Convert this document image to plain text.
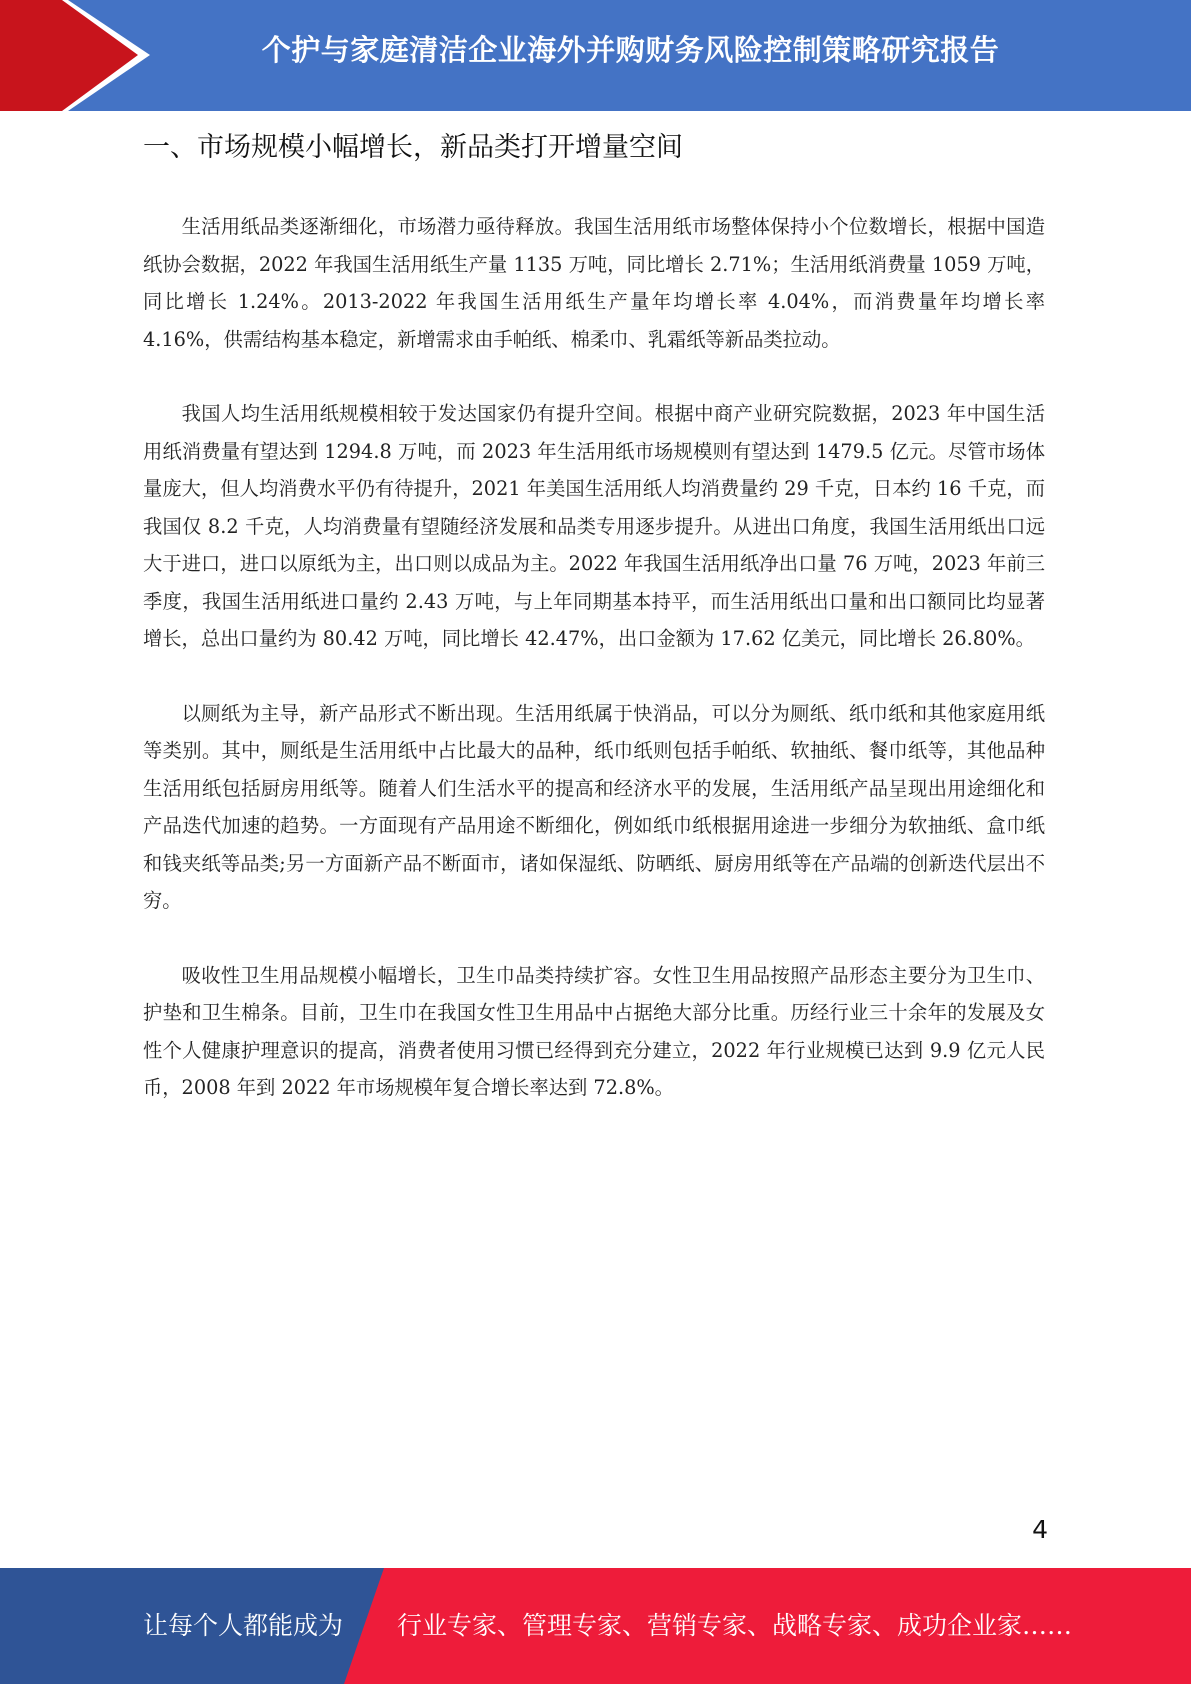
个护与家庭清洁企业海外并购财务风险控制策略研究报告
一、市场规模小幅增长，新品类打开增量空间

生活用纸品类逐渐细化，市场潜力亟待释放。我国生活用纸市场整体保持小个位数增长，根据中国造纸协会数据，2022 年我国生活用纸生产量 1135 万吨，同比增长 2.71%；生活用纸消费量 1059 万吨，同比增长 1.24%。2013-2022 年我国生活用纸生产量年均增长率 4.04%，而消费量年均增长率 4.16%，供需结构基本稳定，新增需求由手帕纸、棉柔巾、乳霜纸等新品类拉动。

我国人均生活用纸规模相较于发达国家仍有提升空间。根据中商产业研究院数据，2023 年中国生活用纸消费量有望达到 1294.8 万吨，而 2023 年生活用纸市场规模则有望达到 1479.5 亿元。尽管市场体量庞大，但人均消费水平仍有待提升，2021 年美国生活用纸人均消费量约 29 千克，日本约 16 千克，而我国仅 8.2 千克，人均消费量有望随经济发展和品类专用逐步提升。从进出口角度，我国生活用纸出口远大于进口，进口以原纸为主，出口则以成品为主。2022 年我国生活用纸净出口量 76 万吨，2023 年前三季度，我国生活用纸进口量约 2.43 万吨，与上年同期基本持平，而生活用纸出口量和出口额同比均显著增长，总出口量约为 80.42 万吨，同比增长 42.47%，出口金额为 17.62 亿美元，同比增长 26.80%。

以厕纸为主导，新产品形式不断出现。生活用纸属于快消品，可以分为厕纸、纸巾纸和其他家庭用纸等类别。其中，厕纸是生活用纸中占比最大的品种，纸巾纸则包括手帕纸、软抽纸、餐巾纸等，其他品种生活用纸包括厨房用纸等。随着人们生活水平的提高和经济水平的发展，生活用纸产品呈现出用途细化和产品迭代加速的趋势。一方面现有产品用途不断细化，例如纸巾纸根据用途进一步细分为软抽纸、盒巾纸和钱夹纸等品类;另一方面新产品不断面市，诸如保湿纸、防晒纸、厨房用纸等在产品端的创新迭代层出不穷。

吸收性卫生用品规模小幅增长，卫生巾品类持续扩容。女性卫生用品按照产品形态主要分为卫生巾、护垫和卫生棉条。目前，卫生巾在我国女性卫生用品中占据绝大部分比重。历经行业三十余年的发展及女性个人健康护理意识的提高，消费者使用习惯已经得到充分建立，2022 年行业规模已达到 9.9 亿元人民币，2008 年到 2022 年市场规模年复合增长率达到 72.8%。

4
让每个人都能成为 行业专家、管理专家、营销专家、战略专家、成功企业家……
